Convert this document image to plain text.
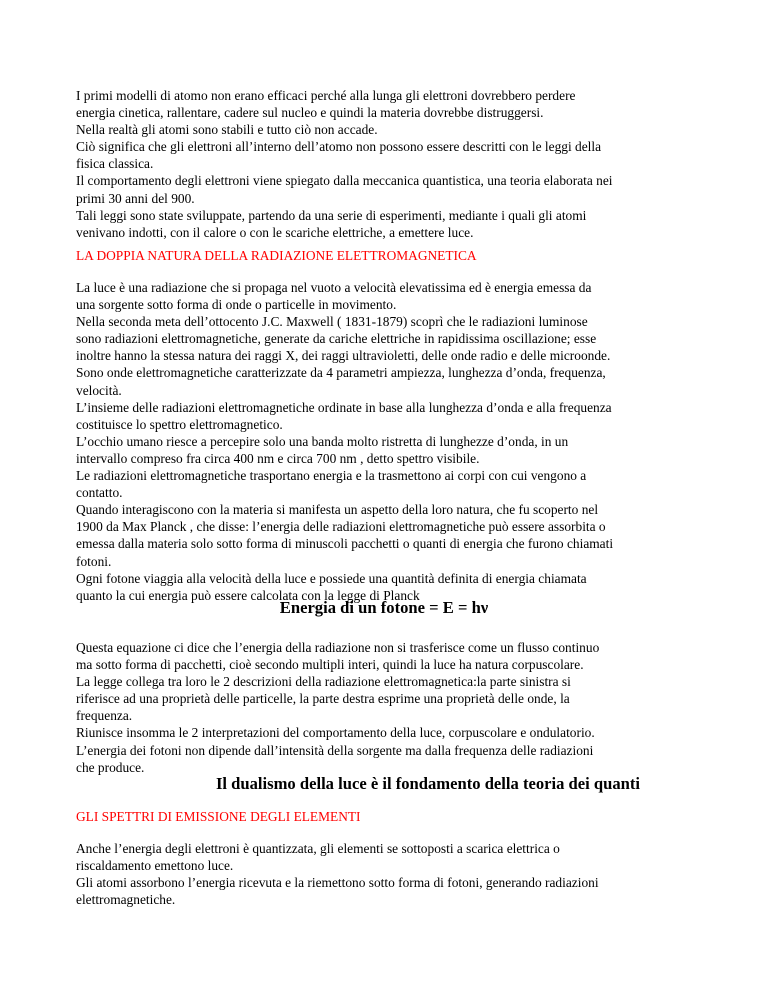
I primi modelli di atomo non erano efficaci perché alla lunga gli elettroni dovrebbero perdere
energia cinetica, rallentare, cadere sul nucleo e quindi la materia dovrebbe distruggersi.
Nella realtà gli atomi sono stabili e tutto ciò non accade.
Ciò significa che gli elettroni all’interno dell’atomo non possono essere descritti con le leggi della
fisica classica.
Il comportamento degli elettroni viene spiegato dalla meccanica quantistica, una teoria elaborata nei
primi 30 anni del 900.
Tali leggi sono state sviluppate, partendo da una serie di esperimenti, mediante i quali gli atomi
venivano indotti, con il calore o con le scariche elettriche, a emettere luce.
LA DOPPIA NATURA DELLA RADIAZIONE ELETTROMAGNETICA
La luce è una radiazione che si propaga nel vuoto a velocità elevatissima ed è energia emessa da
una sorgente sotto forma di onde o particelle in movimento.
Nella seconda meta dell’ottocento J.C. Maxwell ( 1831-1879) scoprì che le radiazioni luminose
sono radiazioni elettromagnetiche, generate da cariche elettriche in rapidissima oscillazione; esse
inoltre hanno la stessa natura dei raggi X, dei raggi ultravioletti, delle onde radio e delle microonde.
Sono onde elettromagnetiche caratterizzate da 4 parametri ampiezza, lunghezza d’onda, frequenza,
velocità.
L’insieme delle radiazioni elettromagnetiche ordinate in base alla lunghezza d’onda e alla frequenza
costituisce lo spettro elettromagnetico.
L’occhio umano riesce a percepire solo una banda molto ristretta di lunghezze d’onda, in un
intervallo compreso fra circa 400 nm e circa 700 nm , detto spettro visibile.
Le radiazioni elettromagnetiche trasportano energia e la trasmettono ai corpi con cui vengono a
contatto.
Quando interagiscono con la materia si manifesta un aspetto della loro natura, che fu scoperto nel
1900 da Max Planck , che disse: l’energia delle radiazioni elettromagnetiche può essere assorbita o
emessa dalla materia solo sotto forma di minuscoli pacchetti o quanti di energia che furono chiamati
fotoni.
Ogni fotone viaggia alla velocità della luce e possiede una quantità definita di energia chiamata
quanto la cui energia può essere calcolata con la legge di Planck
Energia di un fotone = E = hν
Questa equazione ci dice che l’energia della radiazione non si trasferisce come un flusso continuo
ma sotto forma di pacchetti, cioè secondo multipli interi, quindi la luce ha natura corpuscolare.
La legge collega tra loro le 2 descrizioni della radiazione elettromagnetica:la parte sinistra si
riferisce ad una proprietà delle particelle, la parte destra esprime una proprietà delle onde, la
frequenza.
Riunisce insomma le 2 interpretazioni del comportamento della luce, corpuscolare e ondulatorio.
L’energia dei fotoni non dipende dall’intensità della sorgente ma dalla frequenza delle radiazioni
che produce.
Il dualismo della luce è il fondamento della teoria dei quanti
GLI SPETTRI DI EMISSIONE DEGLI ELEMENTI
Anche l’energia degli elettroni è quantizzata, gli elementi se sottoposti a scarica elettrica o
riscaldamento emettono luce.
Gli atomi assorbono l’energia ricevuta e la riemettono sotto forma di fotoni, generando radiazioni
elettromagnetiche.
